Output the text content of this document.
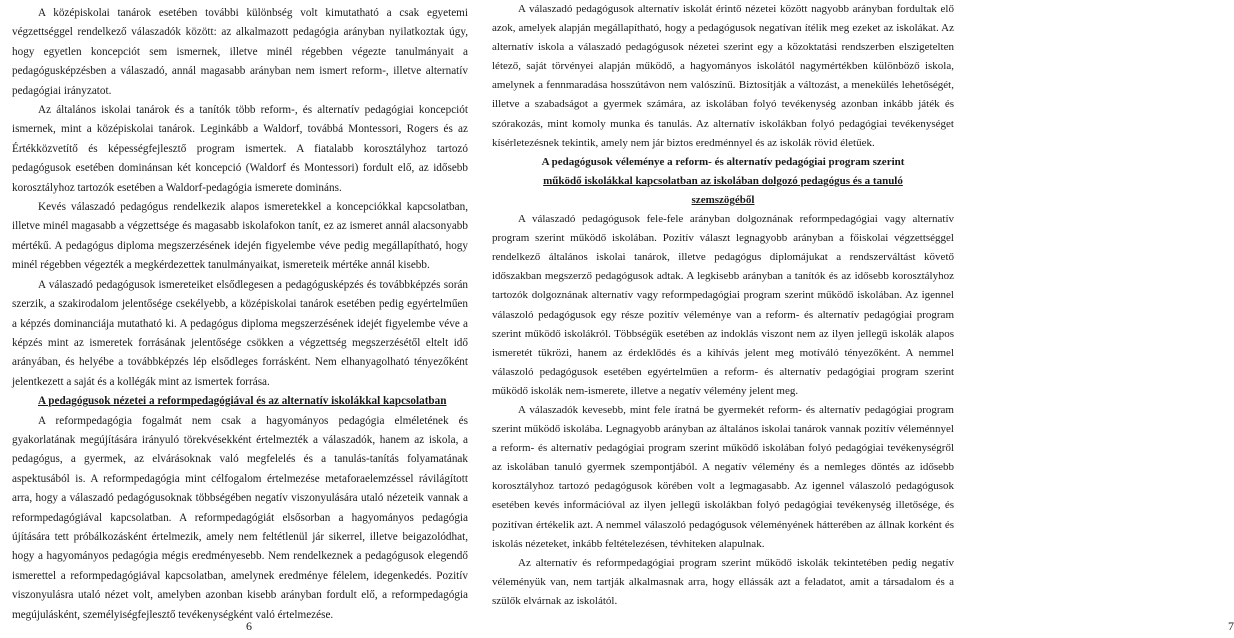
A középiskolai tanárok esetében további különbség volt kimutatható a csak egyetemi végzettséggel rendelkező válaszadók között: az alkalmazott pedagógia arányban nyilatkoztak úgy, hogy egyetlen koncepciót sem ismernek, illetve minél régebben végezte tanulmányait a pedagógusképzésben a válaszadó, annál magasabb arányban nem ismert reform-, illetve alternatív pedagógiai irányzatot.

Az általános iskolai tanárok és a tanítók több reform-, és alternatív pedagógiai koncepciót ismernek, mint a középiskolai tanárok. Leginkább a Waldorf, továbbá Montessori, Rogers és az Értékközvetítő és képességfejlesztő program ismertek. A fiatalabb korosztályhoz tartozó pedagógusok esetében dominánsan két koncepció (Waldorf és Montessori) fordult elő, az idősebb korosztályhoz tartozók esetében a Waldorf-pedagógia ismerete domináns.

Kevés válaszadó pedagógus rendelkezik alapos ismeretekkel a koncepciókkal kapcsolatban, illetve minél magasabb a végzettsége és magasabb iskolafokon tanít, ez az ismeret annál alacsonyabb mértékű. A pedagógus diploma megszerzésének idején figyelembe véve pedig megállapítható, hogy minél régebben végezték a megkérdezettek tanulmányaikat, ismereteik mértéke annál kisebb.

A válaszadó pedagógusok ismereteiket elsődlegesen a pedagógusképzés és továbbképzés során szerzik, a szakirodalom jelentősége csekélyebb, a középiskolai tanárok esetében pedig egyértelműen a képzés dominanciája mutatható ki. A pedagógus diploma megszerzésének idejét figyelembe véve a képzés mint az ismeretek forrásának jelentősége csökken a végzettség megszerzésétől eltelt idő arányában, és helyébe a továbbképzés lép elsődleges forrásként. Nem elhanyagolható tényezőként jelentkezett a saját és a kollégák mint az ismertek forrása.

A pedagógusok nézetei a reformpedagógiával és az alternatív iskolákkal kapcsolatban

A reformpedagógia fogalmát nem csak a hagyományos pedagógia elméletének és gyakorlatának megújítására irányuló törekvésekként értelmezték a válaszadók, hanem az iskola, a pedagógus, a gyermek, az elvárásoknak való megfelelés és a tanulás-tanítás folyamatának aspektusából is. A reformpedagógia mint célfogalom értelmezése metaforaelemzéssel rávilágított arra, hogy a válaszadó pedagógusoknak többségében negatív viszonyulására utaló nézeteik vannak a reformpedagógiával kapcsolatban. A reformpedagógiát elsősorban a hagyományos pedagógia újítására tett próbálkozásként értelmezik, amely nem feltétlenül jár sikerrel, illetve beigazolódhat, hogy a hagyományos pedagógia mégis eredményesebb. Nem rendelkeznek a pedagógusok elegendő ismerettel a reformpedagógiával kapcsolatban, amelynek eredménye félelem, idegenkedés. Pozitív viszonyulásra utaló nézet volt, amelyben azonban kisebb arányban fordult elő, a reformpedagógia megújulásként, személyiségfejlesztő tevékenységként való értelmezése.

6

A válaszadó pedagógusok alternatív iskolát érintő nézetei között nagyobb arányban fordultak elő azok, amelyek alapján megállapítható, hogy a pedagógusok negatívan ítélik meg ezeket az iskolákat. Az alternatív iskola a válaszadó pedagógusok nézetei szerint egy a közoktatási rendszerben elszigetelten létező, saját törvényei alapján működő, a hagyományos iskolától nagymértékben különböző iskola, amelynek a fennmaradása hosszútávon nem valószínű. Biztosítják a változást, a menekülés lehetőségét, illetve a szabadságot a gyermek számára, az iskolában folyó tevékenység azonban inkább játék és szórakozás, mint komoly munka és tanulás. Az alternatív iskolákban folyó pedagógiai tevékenységet kísérletezésnek tekintik, amely nem jár biztos eredménnyel és az iskolák rövid életűek.

A pedagógusok véleménye a reform- és alternatív pedagógiai program szerint
működő iskolákkal kapcsolatban az iskolában dolgozó pedagógus és a tanuló
szemszögéből

A válaszadó pedagógusok fele-fele arányban dolgoznának reformpedagógiai vagy alternatív program szerint működő iskolában. Pozitív választ legnagyobb arányban a főiskolai végzettséggel rendelkező általános iskolai tanárok, illetve pedagógus diplomájukat a rendszerváltást követő időszakban megszerző pedagógusok adtak. A legkisebb arányban a tanítók és az idősebb korosztályhoz tartozók dolgoznának alternatív vagy reformpedagógiai program szerint működő iskolában. Az igennel válaszoló pedagógusok egy része pozitív véleménye van a reform- és alternatív pedagógiai program szerint működő iskolákról. Többségük esetében az indoklás viszont nem az ilyen jellegű iskolák alapos ismeretét tükrözi, hanem az érdeklődés és a kihívás jelent meg motíváló tényezőként. A nemmel válaszoló pedagógusok esetében egyértelműen a reform- és alternatív pedagógiai program szerint működő iskolák nem-ismerete, illetve a negatív vélemény jelent meg.

A válaszadók kevesebb, mint fele íratná be gyermekét reform- és alternatív pedagógiai program szerint működő iskolába. Legnagyobb arányban az általános iskolai tanárok vannak pozitív véleménnyel a reform- és alternatív pedagógiai program szerint működő iskolában folyó pedagógiai tevékenységről az iskolában tanuló gyermek szempontjából. A negatív vélemény és a nemleges döntés az idősebb korosztályhoz tartozó pedagógusok körében volt a legmagasabb. Az igennel válaszoló pedagógusok esetében kevés információval az ilyen jellegű iskolákban folyó pedagógiai tevékenység illetősége, és pozitívan értékelik azt. A nemmel válaszoló pedagógusok véleményének hátterében az állnak korként és iskolás nézeteket, inkább feltételezésen, tévhiteken alapulnak.

Az alternatív és reformpedagógiai program szerint működő iskolák tekintetében pedig negatív véleményük van, nem tartják alkalmasnak arra, hogy ellássák azt a feladatot, amit a társadalom és a szülők elvárnak az iskolától.

7
